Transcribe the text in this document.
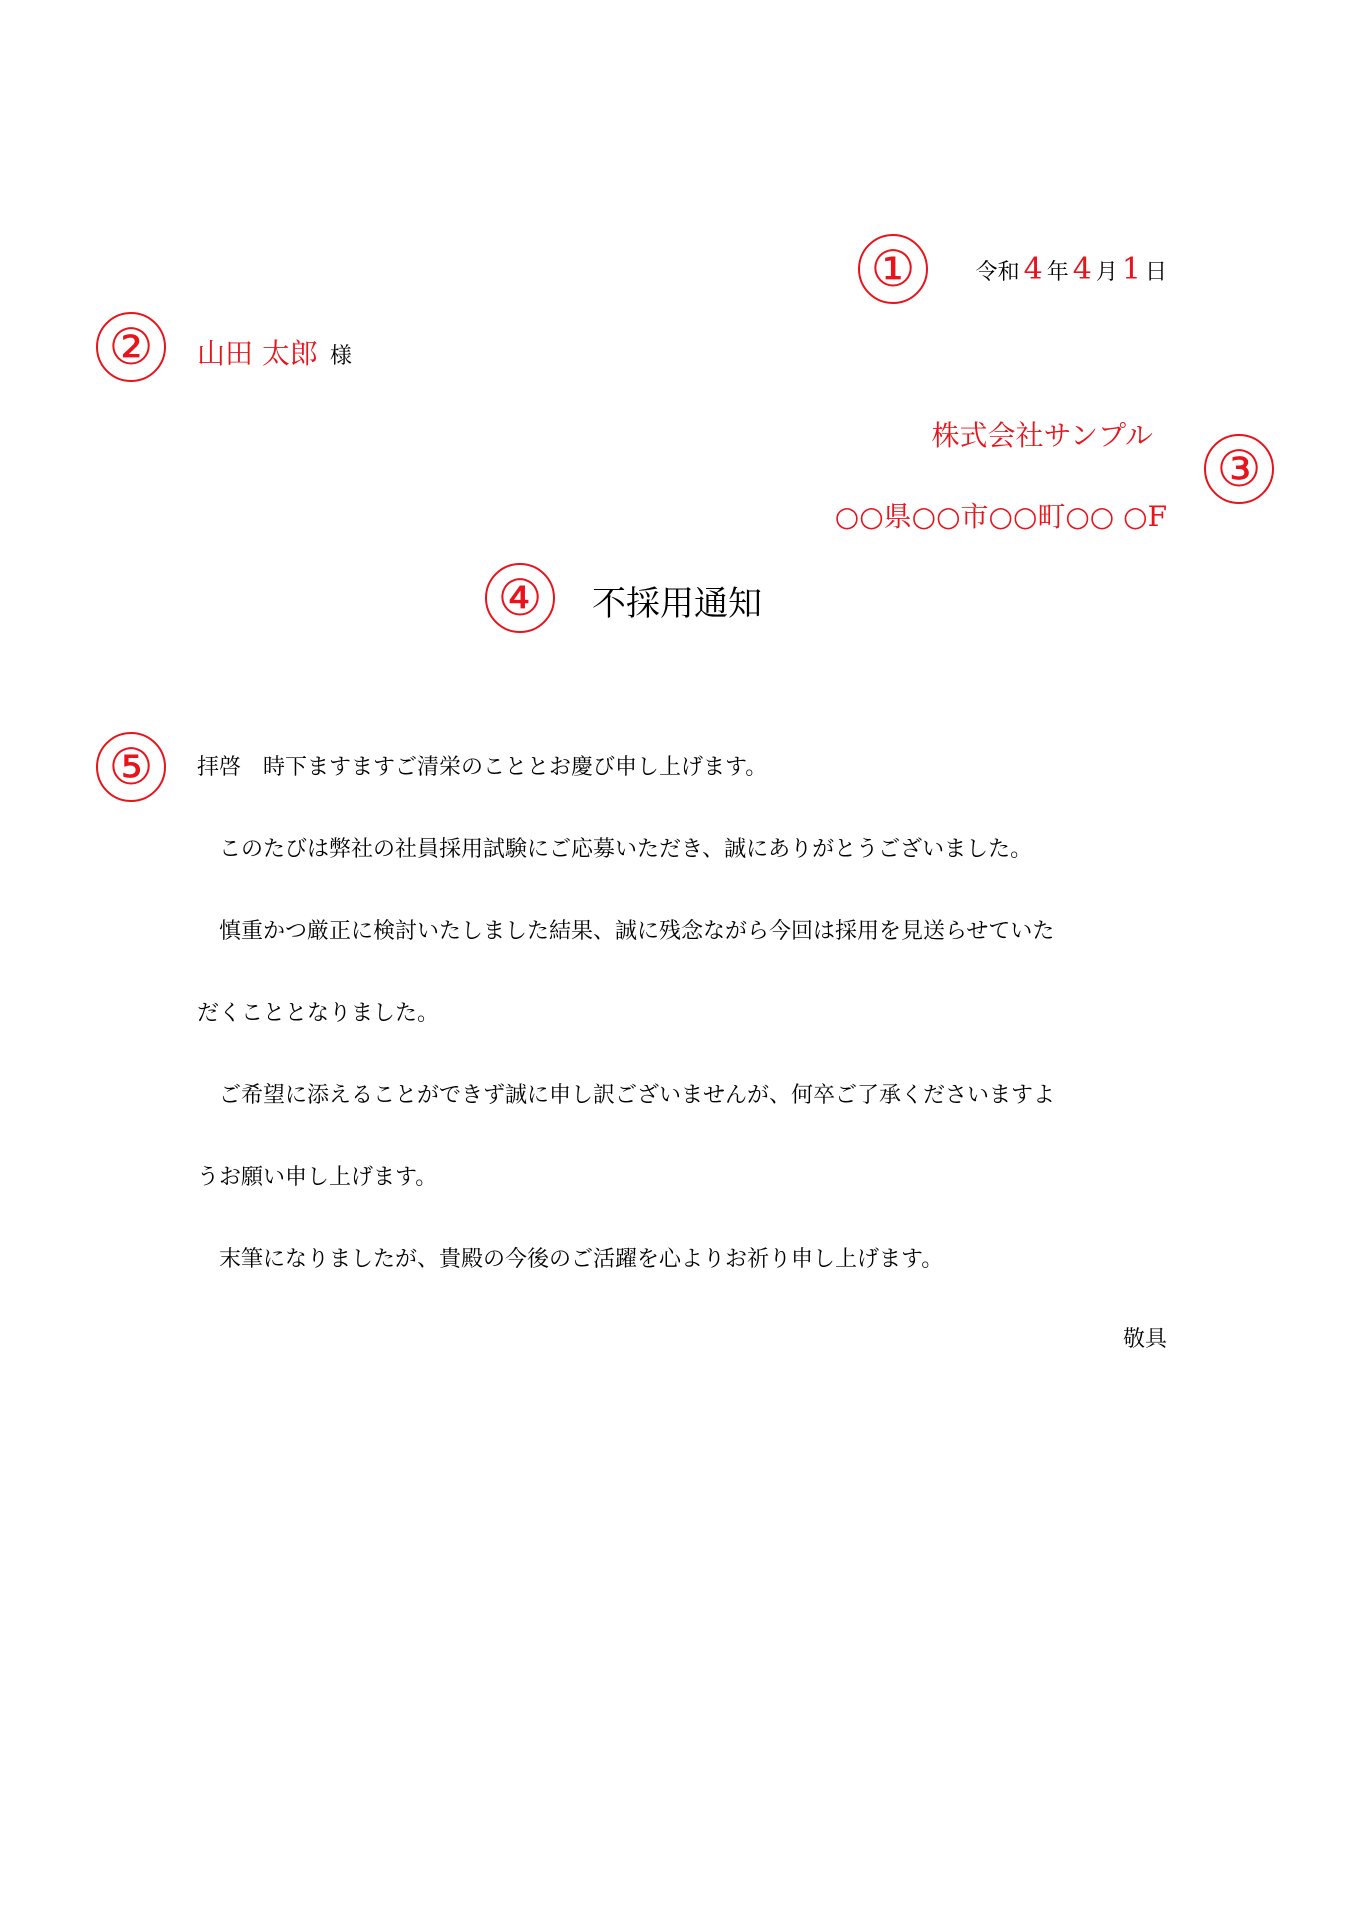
①	令和 4 年 4 月 1 日
②	山田 太郎 様
株式会社サンプル
③
○○県○○市○○町○○ ○F
④	不採用通知
⑤	拝啓　時下ますますご清栄のこととお慶び申し上げます。
このたびは弊社の社員採用試験にご応募いただき、誠にありがとうございました。
慎重かつ厳正に検討いたしました結果、誠に残念ながら今回は採用を見送らせていた
だくこととなりました。
ご希望に添えることができず誠に申し訳ございませんが、何卒ご了承くださいますよ
うお願い申し上げます。
末筆になりましたが、貴殿の今後のご活躍を心よりお祈り申し上げます。
敬具
